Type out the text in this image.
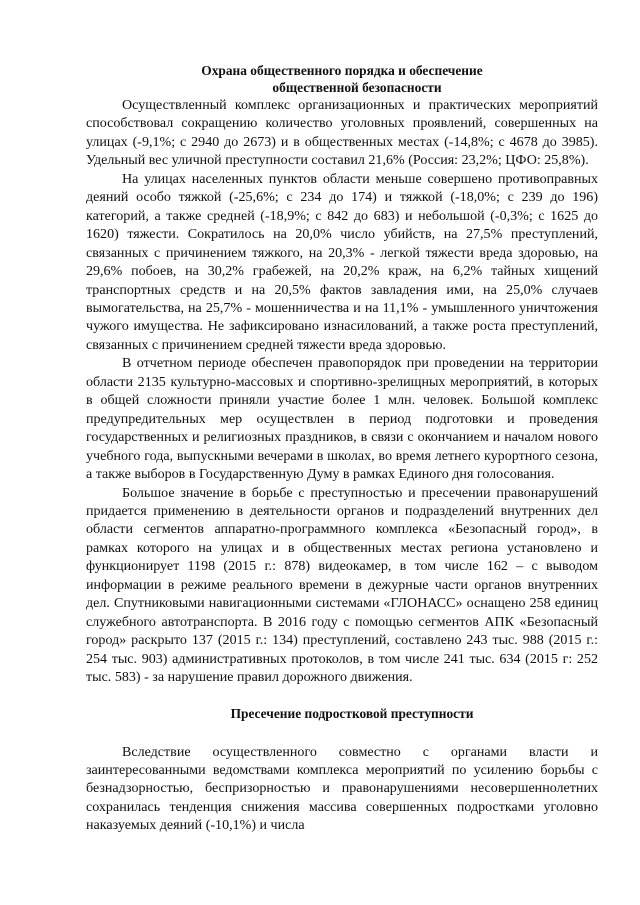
Охрана общественного порядка и обеспечение
общественной безопасности

Осуществленный комплекс организационных и практических мероприятий способствовал сокращению количество уголовных проявлений, совершенных на улицах (-9,1%; с 2940 до 2673) и в общественных местах (-14,8%; с 4678 до 3985). Удельный вес уличной преступности составил 21,6% (Россия: 23,2%; ЦФО: 25,8%).

На улицах населенных пунктов области меньше совершено противоправных деяний особо тяжкой (-25,6%; с 234 до 174) и тяжкой (-18,0%; с 239 до 196) категорий, а также средней (-18,9%; с 842 до 683) и небольшой (-0,3%; с 1625 до 1620) тяжести. Сократилось на 20,0% число убийств, на 27,5% преступлений, связанных с причинением тяжкого, на 20,3% - легкой тяжести вреда здоровью, на 29,6% побоев, на 30,2% грабежей, на 20,2% краж, на 6,2% тайных хищений транспортных средств и на 20,5% фактов завладения ими, на 25,0% случаев вымогательства, на 25,7% - мошенничества и на 11,1% - умышленного уничтожения чужого имущества. Не зафиксировано изнасилований, а также роста преступлений, связанных с причинением средней тяжести вреда здоровью.

В отчетном периоде обеспечен правопорядок при проведении на территории области 2135 культурно-массовых и спортивно-зрелищных мероприятий, в которых в общей сложности приняли участие более 1 млн. человек. Большой комплекс предупредительных мер осуществлен в период подготовки и проведения государственных и религиозных праздников, в связи с окончанием и началом нового учебного года, выпускными вечерами в школах, во время летнего курортного сезона, а также выборов в Государственную Думу в рамках Единого дня голосования.

Большое значение в борьбе с преступностью и пресечении правонарушений придается применению в деятельности органов и подразделений внутренних дел области сегментов аппаратно-программного комплекса «Безопасный город», в рамках которого на улицах и в общественных местах региона установлено и функционирует 1198 (2015 г.: 878) видеокамер, в том числе 162 – с выводом информации в режиме реального времени в дежурные части органов внутренних дел. Спутниковыми навигационными системами «ГЛОНАСС» оснащено 258 единиц служебного автотранспорта. В 2016 году с помощью сегментов АПК «Безопасный город» раскрыто 137 (2015 г.: 134) преступлений, составлено 243 тыс. 988 (2015 г.: 254 тыс. 903) административных протоколов, в том числе 241 тыс. 634 (2015 г: 252 тыс. 583) - за нарушение правил дорожного движения.

Пресечение подростковой преступности

Вследствие осуществленного совместно с органами власти и заинтересованными ведомствами комплекса мероприятий по усилению борьбы с безнадзорностью, беспризорностью и правонарушениями несовершеннолетних сохранилась тенденция снижения массива совершенных подростками уголовно наказуемых деяний (-10,1%) и числа
